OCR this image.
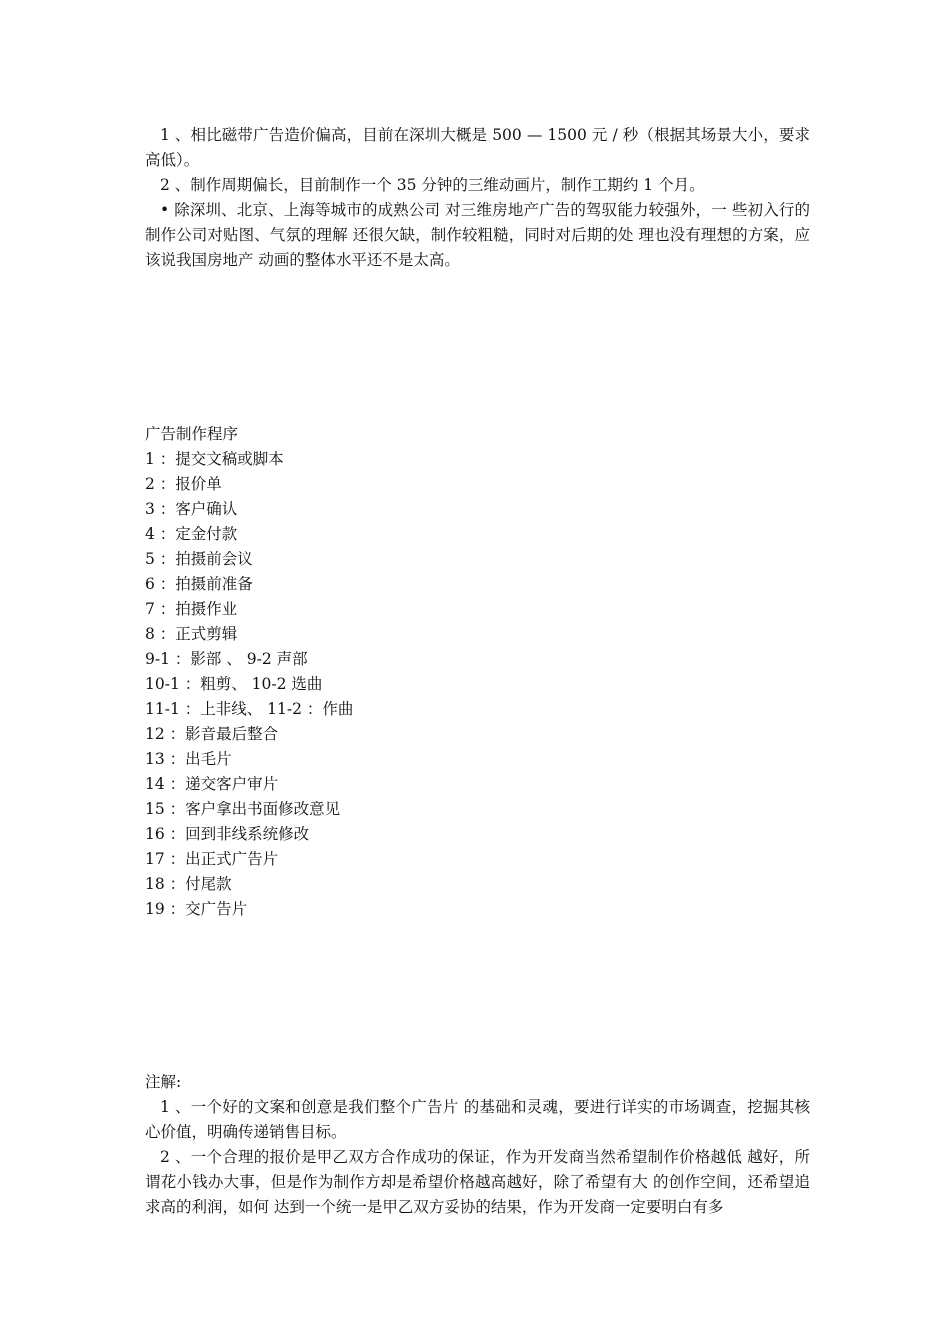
1 、相比磁带广告造价偏高，目前在深圳大概是 500 — 1500 元 / 秒（根据其场景大小，要求高低）。

2 、制作周期偏长，目前制作一个 35 分钟的三维动画片，制作工期约 1 个月。

• 除深圳、北京、上海等城市的成熟公司 对三维房地产广告的驾驭能力较强外，一 些初入行的制作公司对贴图、气氛的理解 还很欠缺，制作较粗糙，同时对后期的处 理也没有理想的方案，应该说我国房地产 动画的整体水平还不是太高。

广告制作程序

1 ：提交文稿或脚本

2 ：报价单

3 ：客户确认

4 ：定金付款

5 ：拍摄前会议

6 ：拍摄前准备

7 ：拍摄作业

8 ：正式剪辑

9-1 ：影部 、 9-2 声部

10-1 ：粗剪、 10-2 选曲

11-1 ：上非线、 11-2 ：作曲

12 ：影音最后整合

13 ：出毛片

14 ：递交客户审片

15 ：客户拿出书面修改意见

16 ：回到非线系统修改

17 ：出正式广告片

18 ：付尾款

19 ：交广告片

注解:

1 、一个好的文案和创意是我们整个广告片 的基础和灵魂，要进行详实的市场调查，挖掘其核心价值，明确传递销售目标。

2 、一个合理的报价是甲乙双方合作成功的保证，作为开发商当然希望制作价格越低 越好，所谓花小钱办大事，但是作为制作方却是希望价格越高越好，除了希望有大 的创作空间，还希望追求高的利润，如何 达到一个统一是甲乙双方妥协的结果，作为开发商一定要明白有多
